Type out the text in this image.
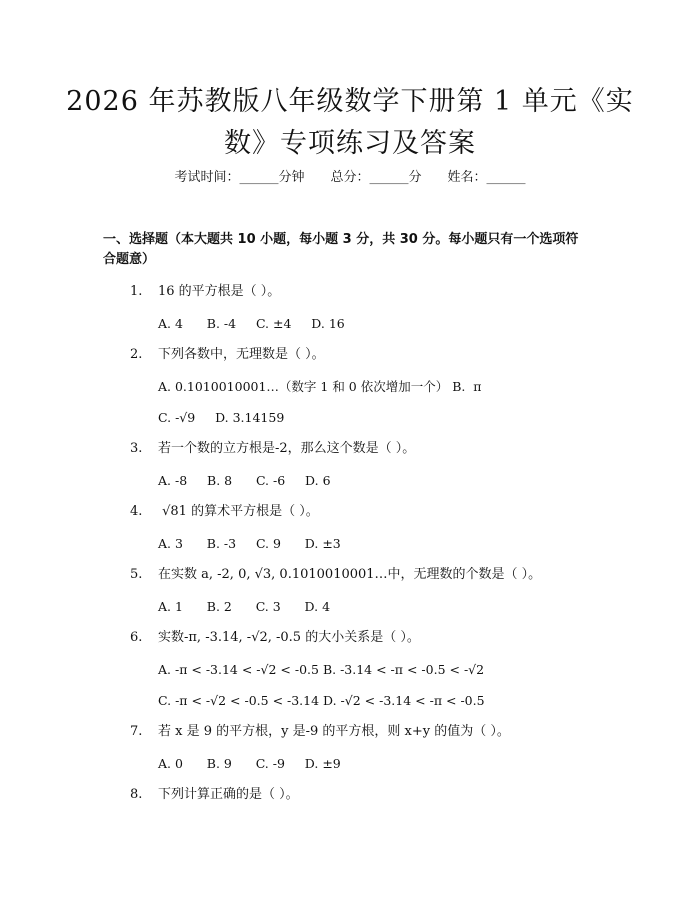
2026 年苏教版八年级数学下册第 1 单元《实
数》专项练习及答案
考试时间：______分钟 总分：______分 姓名：______
一、选择题（本大题共 10 小题，每小题 3 分，共 30 分。每小题只有一个选项符
合题意）
1. 16 的平方根是（ ）。
A. 4      B. -4     C. ±4     D. 16
2. 下列各数中，无理数是（ ）。
A. 0.1010010001…（数字 1 和 0 依次增加一个） B.  π
C. -√9     D. 3.14159
3. 若一个数的立方根是-2，那么这个数是（ ）。
A. -8     B. 8      C. -6     D. 6
4. √81 的算术平方根是（ ）。
A. 3      B. -3     C. 9      D. ±3
5. 在实数 a, -2, 0, √3, 0.1010010001…中，无理数的个数是（ ）。
A. 1      B. 2      C. 3      D. 4
6. 实数-π, -3.14, -√2, -0.5 的大小关系是（ ）。
A. -π < -3.14 < -√2 < -0.5 B. -3.14 < -π < -0.5 < -√2
C. -π < -√2 < -0.5 < -3.14 D. -√2 < -3.14 < -π < -0.5
7. 若 x 是 9 的平方根，y 是-9 的平方根，则 x+y 的值为（ ）。
A. 0      B. 9      C. -9     D. ±9
8. 下列计算正确的是（ ）。
